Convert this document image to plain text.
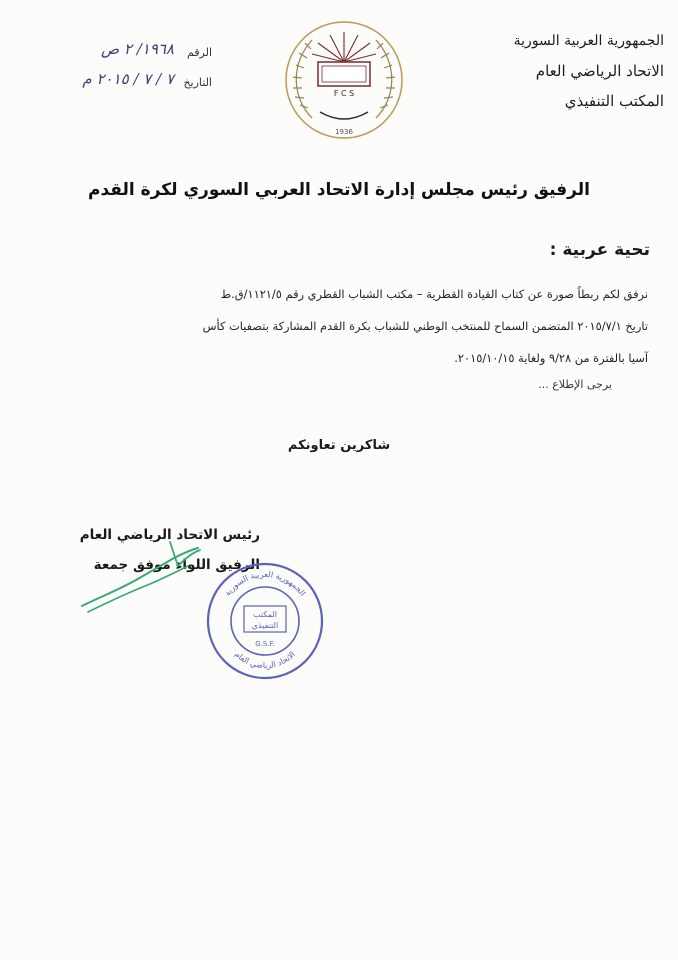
الجمهورية العربية السورية
الاتحاد الرياضي العام
المكتب التنفيذي
F C S
1936
الرقم
١٩٦٨/ ٢ ص
التاريخ
٧ / ٧ / ٢٠١٥ م
الرفيق رئيس مجلس إدارة الاتحاد العربي السوري لكرة القدم
تحية عربية :

نرفق لكم ربطاً صورة عن كتاب القيادة القطرية – مكتب الشباب القطري رقم ١١٢١/٥/ق.ط

تاريخ ٢٠١٥/٧/١ المتضمن السماح للمنتخب الوطني للشباب بكرة القدم المشاركة بتصفيات كأس

آسيا بالفترة من ٩/٢٨ ولغاية ٢٠١٥/١٠/١٥.

يرجى الإطلاع ...
شاكرين تعاونكم
رئيس الاتحاد الرياضي العام
الرفيق اللواء موفق جمعة
الجمهورية العربية السورية
الاتحاد الرياضي العام
المكتب
التنفيذي
G.S.F.
